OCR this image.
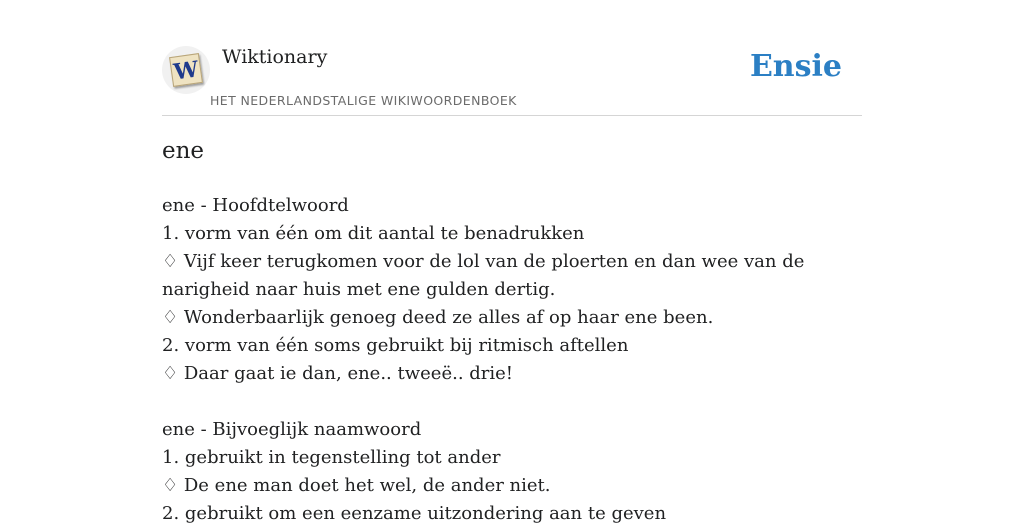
W Wiktionary
HET NEDERLANDSTALIGE WIKIWOORDENBOEK
Ensie
ene
ene - Hoofdtelwoord
1. vorm van één om dit aantal te benadrukken
♢ Vijf keer terugkomen voor de lol van de ploerten en dan wee van de narigheid naar huis met ene gulden dertig.
♢ Wonderbaarlijk genoeg deed ze alles af op haar ene been.
2. vorm van één soms gebruikt bij ritmisch aftellen
♢ Daar gaat ie dan, ene.. tweeë.. drie!
ene - Bijvoeglijk naamwoord
1. gebruikt in tegenstelling tot ander
♢ De ene man doet het wel, de ander niet.
2. gebruikt om een eenzame uitzondering aan te geven
